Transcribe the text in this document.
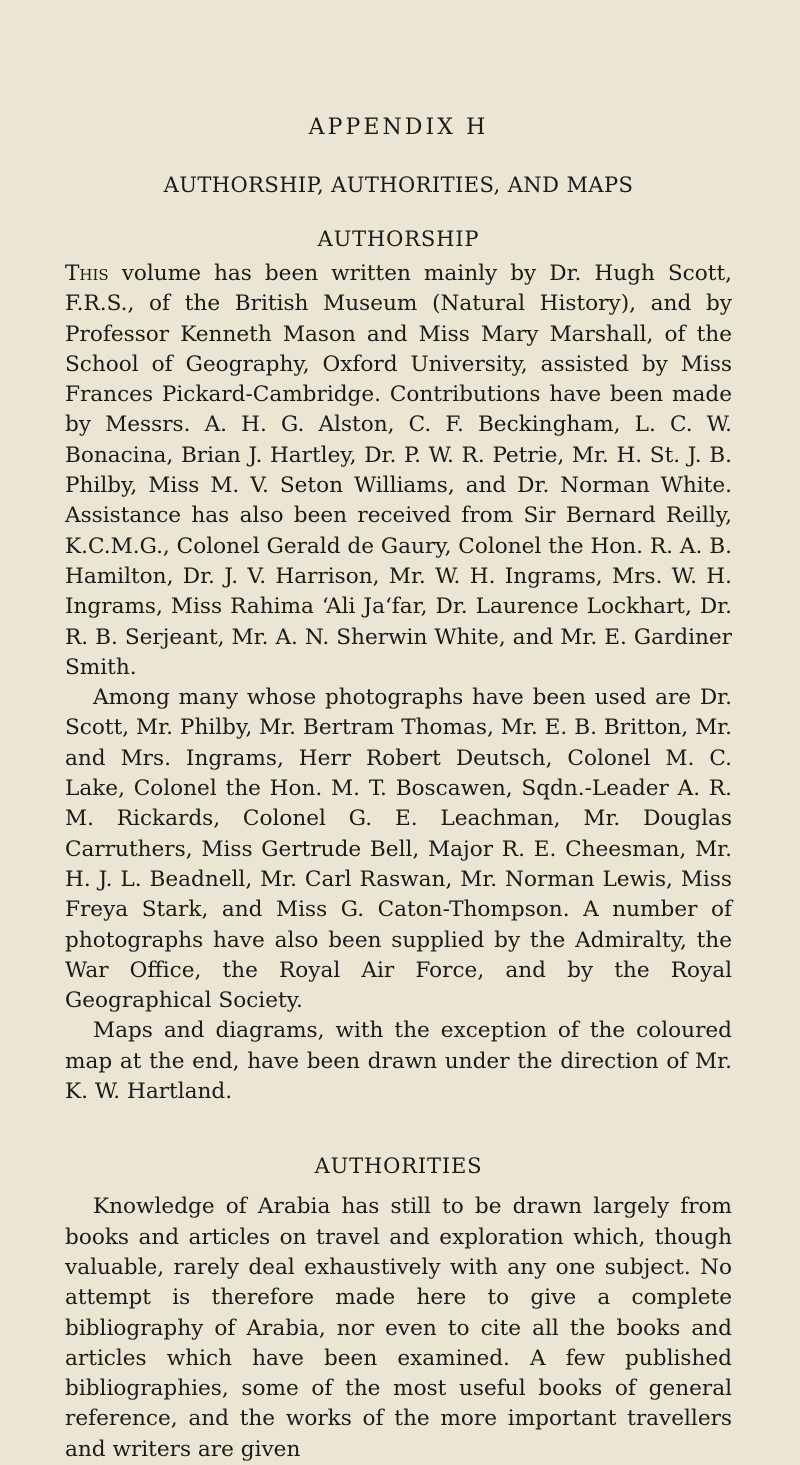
APPENDIX H
AUTHORSHIP, AUTHORITIES, AND MAPS
AUTHORSHIP

This volume has been written mainly by Dr. Hugh Scott, F.R.S., of the British Museum (Natural History), and by Professor Kenneth Mason and Miss Mary Marshall, of the School of Geography, Oxford University, assisted by Miss Frances Pickard-Cambridge. Contributions have been made by Messrs. A. H. G. Alston, C. F. Beckingham, L. C. W. Bonacina, Brian J. Hartley, Dr. P. W. R. Petrie, Mr. H. St. J. B. Philby, Miss M. V. Seton Williams, and Dr. Norman White. Assistance has also been received from Sir Bernard Reilly, K.C.M.G., Colonel Gerald de Gaury, Colonel the Hon. R. A. B. Hamilton, Dr. J. V. Harrison, Mr. W. H. Ingrams, Mrs. W. H. Ingrams, Miss Rahima ‘Ali Ja‘far, Dr. Laurence Lockhart, Dr. R. B. Serjeant, Mr. A. N. Sherwin White, and Mr. E. Gardiner Smith.

Among many whose photographs have been used are Dr. Scott, Mr. Philby, Mr. Bertram Thomas, Mr. E. B. Britton, Mr. and Mrs. Ingrams, Herr Robert Deutsch, Colonel M. C. Lake, Colonel the Hon. M. T. Boscawen, Sqdn.-Leader A. R. M. Rickards, Colonel G. E. Leachman, Mr. Douglas Carruthers, Miss Gertrude Bell, Major R. E. Cheesman, Mr. H. J. L. Beadnell, Mr. Carl Raswan, Mr. Norman Lewis, Miss Freya Stark, and Miss G. Caton-Thompson. A number of photographs have also been supplied by the Admiralty, the War Office, the Royal Air Force, and by the Royal Geographical Society.

Maps and diagrams, with the exception of the coloured map at the end, have been drawn under the direction of Mr. K. W. Hartland.

AUTHORITIES

Knowledge of Arabia has still to be drawn largely from books and articles on travel and exploration which, though valuable, rarely deal exhaustively with any one subject. No attempt is therefore made here to give a complete bibliography of Arabia, nor even to cite all the books and articles which have been examined. A few published bibliographies, some of the most useful books of general reference, and the works of the more important travellers and writers are given
